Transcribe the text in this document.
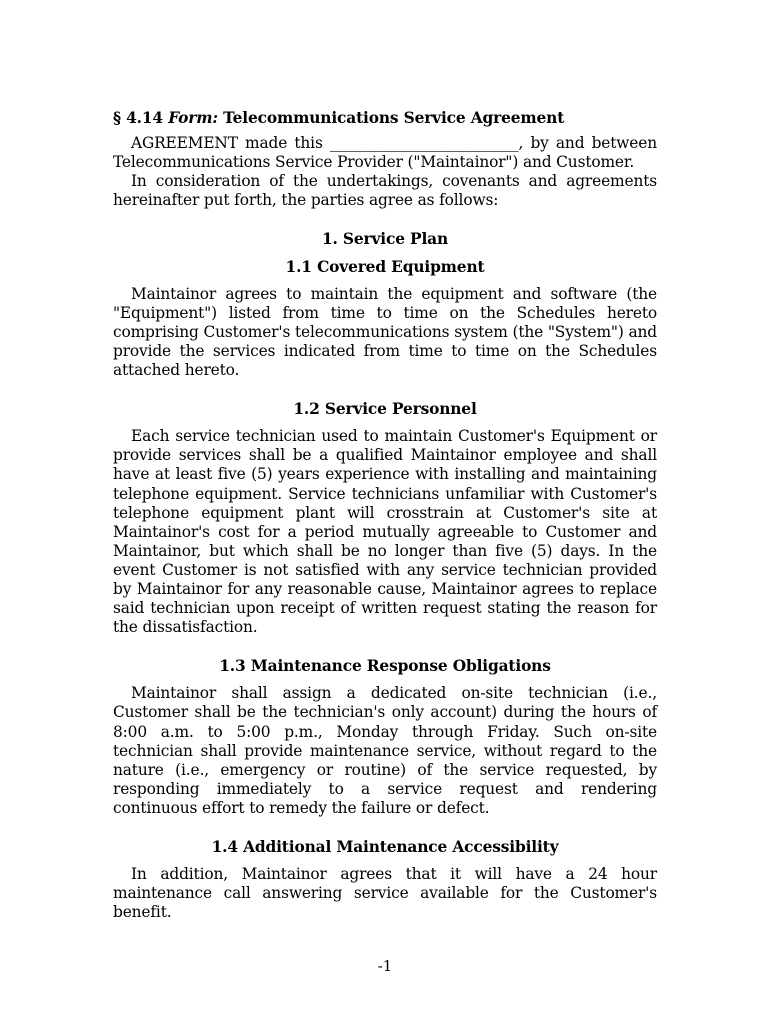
§ 4.14 Form: Telecommunications Service Agreement

AGREEMENT made this _________________________, by and between Telecommunications Service Provider ("Maintainor") and Customer.

In consideration of the undertakings, covenants and agreements hereinafter put forth, the parties agree as follows:

1. Service Plan
1.1 Covered Equipment

Maintainor agrees to maintain the equipment and software (the "Equipment") listed from time to time on the Schedules hereto comprising Customer's telecommunications system (the "System") and provide the services indicated from time to time on the Schedules attached hereto.

1.2 Service Personnel

Each service technician used to maintain Customer's Equipment or provide services shall be a qualified Maintainor employee and shall have at least five (5) years experience with installing and maintaining telephone equipment. Service technicians unfamiliar with Customer's telephone equipment plant will crosstrain at Customer's site at Maintainor's cost for a period mutually agreeable to Customer and Maintainor, but which shall be no longer than five (5) days. In the event Customer is not satisfied with any service technician provided by Maintainor for any reasonable cause, Maintainor agrees to replace said technician upon receipt of written request stating the reason for the dissatisfaction.

1.3 Maintenance Response Obligations

Maintainor shall assign a dedicated on-site technician (i.e., Customer shall be the technician's only account) during the hours of 8:00 a.m. to 5:00 p.m., Monday through Friday. Such on-site technician shall provide maintenance service, without regard to the nature (i.e., emergency or routine) of the service requested, by responding immediately to a service request and rendering continuous effort to remedy the failure or defect.

1.4 Additional Maintenance Accessibility

In addition, Maintainor agrees that it will have a 24 hour maintenance call answering service available for the Customer's benefit.

-1
